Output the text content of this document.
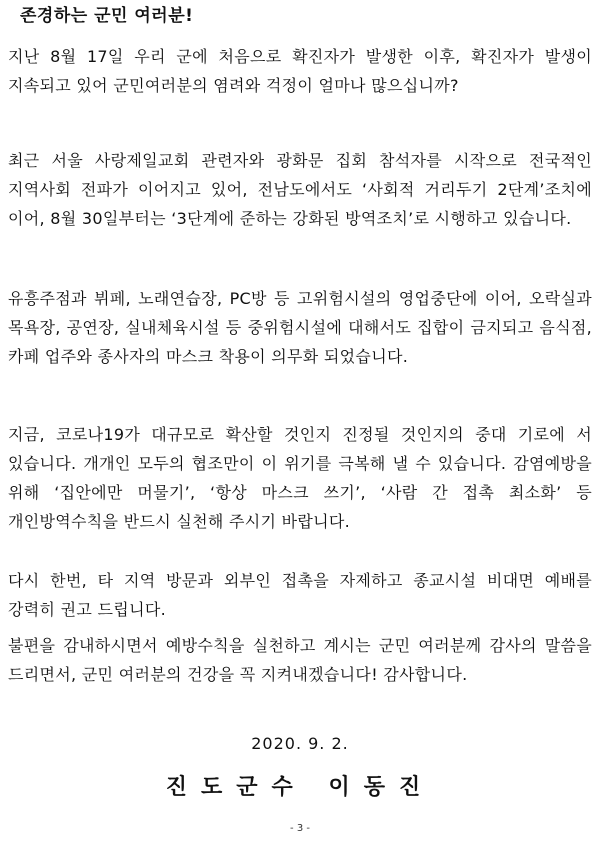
존경하는 군민 여러분!
지난 8월 17일 우리 군에 처음으로 확진자가 발생한 이후, 확진자가 발생이 지속되고 있어 군민여러분의 염려와 걱정이 얼마나 많으십니까?
최근 서울 사랑제일교회 관련자와 광화문 집회 참석자를 시작으로 전국적인 지역사회 전파가 이어지고 있어, 전남도에서도 ‘사회적 거리두기 2단계’조치에 이어, 8월 30일부터는 ‘3단계에 준하는 강화된 방역조치’로 시행하고 있습니다.
유흥주점과 뷔페, 노래연습장, PC방 등 고위험시설의 영업중단에 이어, 오락실과 목욕장, 공연장, 실내체육시설 등 중위험시설에 대해서도 집합이 금지되고 음식점, 카페 업주와 종사자의 마스크 착용이 의무화 되었습니다.
지금, 코로나19가 대규모로 확산할 것인지 진정될 것인지의 중대 기로에 서 있습니다. 개개인 모두의 협조만이 이 위기를 극복해 낼 수 있습니다. 감염예방을 위해 ‘집안에만 머물기’, ‘항상 마스크 쓰기’, ‘사람 간 접촉 최소화’ 등 개인방역수칙을 반드시 실천해 주시기 바랍니다.
다시 한번, 타 지역 방문과 외부인 접촉을 자제하고 종교시설 비대면 예배를 강력히 권고 드립니다.
불편을 감내하시면서 예방수칙을 실천하고 계시는 군민 여러분께 감사의 말씀을 드리면서, 군민 여러분의 건강을 꼭 지켜내겠습니다! 감사합니다.
2020. 9. 2.
진도군수 이동진
- 3 -
